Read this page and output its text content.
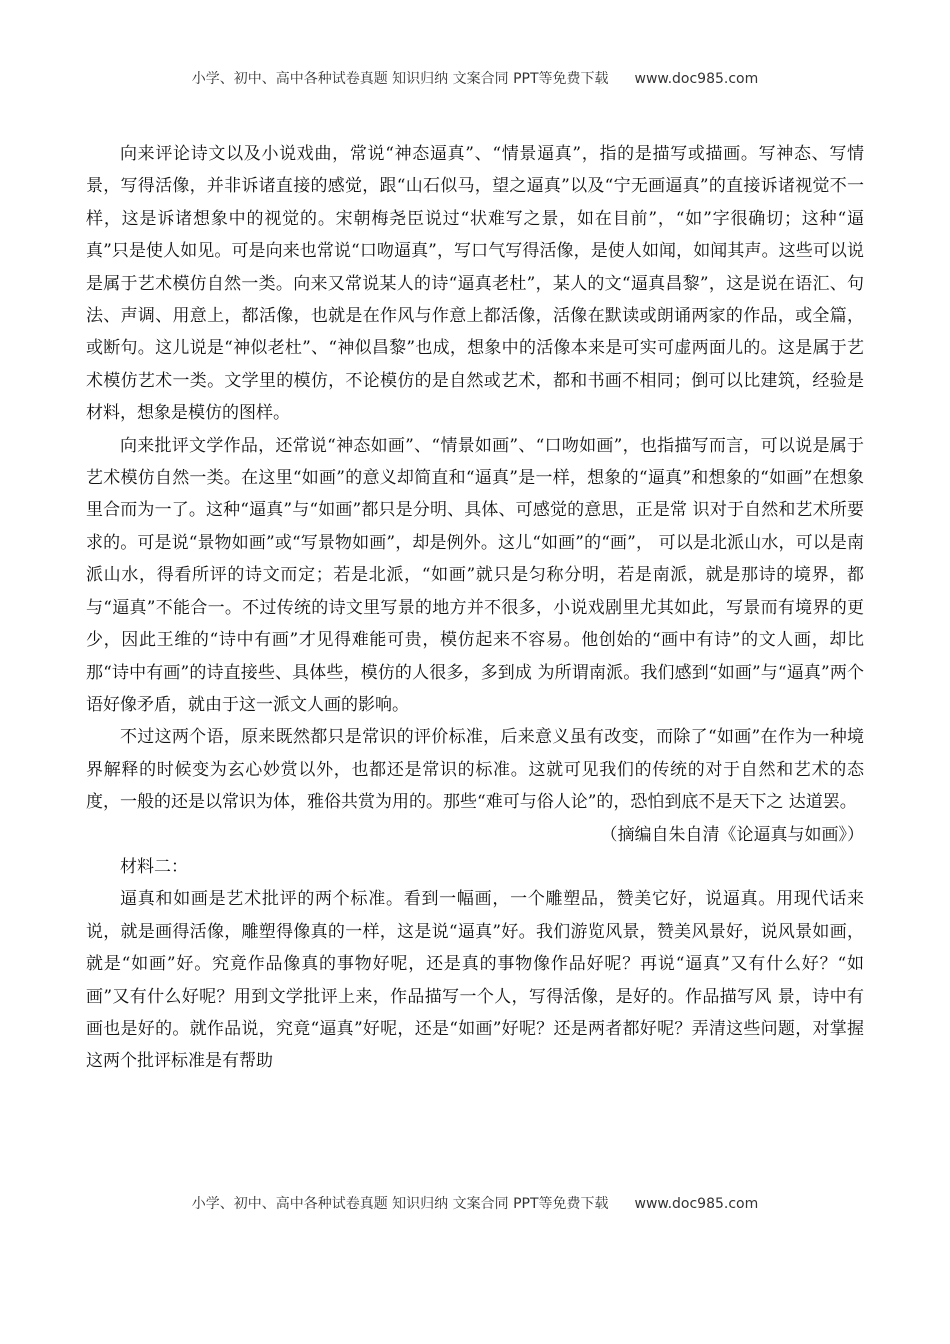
小学、初中、高中各种试卷真题 知识归纳 文案合同 PPT等免费下载 www.doc985.com

向来评论诗文以及小说戏曲，常说“神态逼真”、“情景逼真”，指的是描写或描画。写神态、写情景，写得活像，并非诉诸直接的感觉，跟“山石似马，望之逼真”以及“宁无画逼真”的直接诉诸视觉不一样，这是诉诸想象中的视觉的。宋朝梅尧臣说过“状难写之景，如在目前”，“如”字很确切；这种“逼真”只是使人如见。可是向来也常说“口吻逼真”，写口气写得活像，是使人如闻，如闻其声。这些可以说是属于艺术模仿自然一类。向来又常说某人的诗“逼真老杜”，某人的文“逼真昌黎”，这是说在语汇、句法、声调、用意上，都活像，也就是在作风与作意上都活像，活像在默读或朗诵两家的作品，或全篇，或断句。这儿说是“神似老杜”、“神似昌黎”也成，想象中的活像本来是可实可虚两面儿的。这是属于艺术模仿艺术一类。文学里的模仿，不论模仿的是自然或艺术，都和书画不相同；倒可以比建筑，经验是材料，想象是模仿的图样。

向来批评文学作品，还常说“神态如画”、“情景如画”、“口吻如画”，也指描写而言，可以说是属于艺术模仿自然一类。在这里“如画”的意义却简直和“逼真”是一样，想象的“逼真”和想象的“如画”在想象里合而为一了。这种“逼真”与“如画”都只是分明、具体、可感觉的意思，正是常 识对于自然和艺术所要求的。可是说“景物如画”或“写景物如画”，却是例外。这儿“如画”的“画”， 可以是北派山水，可以是南派山水，得看所评的诗文而定；若是北派，“如画”就只是匀称分明，若是南派，就是那诗的境界，都与“逼真”不能合一。不过传统的诗文里写景的地方并不很多，小说戏剧里尤其如此，写景而有境界的更少，因此王维的“诗中有画”才见得难能可贵，模仿起来不容易。他创始的“画中有诗”的文人画，却比那“诗中有画”的诗直接些、具体些，模仿的人很多，多到成 为所谓南派。我们感到“如画”与“逼真”两个语好像矛盾，就由于这一派文人画的影响。

不过这两个语，原来既然都只是常识的评价标准，后来意义虽有改变，而除了“如画”在作为一种境界解释的时候变为玄心妙赏以外，也都还是常识的标准。这就可见我们的传统的对于自然和艺术的态度，一般的还是以常识为体，雅俗共赏为用的。那些“难可与俗人论”的，恐怕到底不是天下之 达道罢。

（摘编自朱自清《论逼真与如画》）

材料二：

逼真和如画是艺术批评的两个标准。看到一幅画，一个雕塑品，赞美它好，说逼真。用现代话来 说，就是画得活像，雕塑得像真的一样，这是说“逼真”好。我们游览风景，赞美风景好，说风景如画，就是“如画”好。究竟作品像真的事物好呢，还是真的事物像作品好呢？再说“逼真”又有什么好？“如画”又有什么好呢？用到文学批评上来，作品描写一个人，写得活像，是好的。作品描写风 景，诗中有画也是好的。就作品说，究竟“逼真”好呢，还是“如画”好呢？还是两者都好呢？弄清这些问题，对掌握这两个批评标准是有帮助

小学、初中、高中各种试卷真题 知识归纳 文案合同 PPT等免费下载 www.doc985.com
